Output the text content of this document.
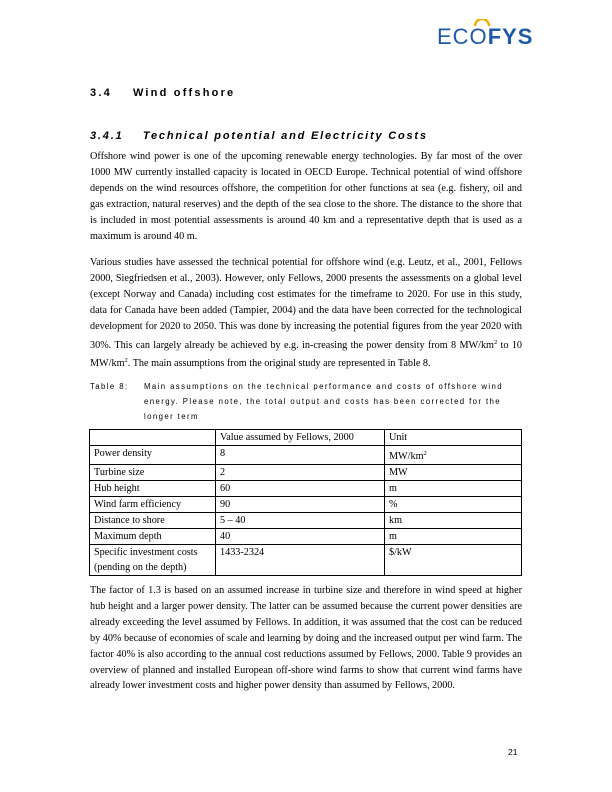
ECOFYS
3.4 Wind offshore
3.4.1 Technical potential and Electricity Costs

Offshore wind power is one of the upcoming renewable energy technologies. By far most of the over 1000 MW currently installed capacity is located in OECD Europe. Technical potential of wind offshore depends on the wind resources offshore, the competition for other functions at sea (e.g. fishery, oil and gas extraction, natural reserves) and the depth of the sea close to the shore. The distance to the shore that is included in most potential assessments is around 40 km and a representative depth that is used as a maximum is around 40 m.

Various studies have assessed the technical potential for offshore wind (e.g. Leutz, et al., 2001, Fellows 2000, Siegfriedsen et al., 2003). However, only Fellows, 2000 presents the assessments on a global level (except Norway and Canada) including cost estimates for the timeframe to 2020. For use in this study, data for Canada have been added (Tampier, 2004) and the data have been corrected for the technological development for 2020 to 2050. This was done by increasing the potential figures from the year 2020 with 30%. This can largely already be achieved by e.g. in-creasing the power density from 8 $MW/km^2$ to 10 $MW/km^2$. The main assumptions from the original study are represented in Table 8.

Table 8: Main assumptions on the technical performance and costs of offshore wind energy. Please note, the total output and costs has been corrected for the longer term
	Value assumed by Fellows, 2000	Unit
Power density	8	$MW/km^2$
Turbine size	2	MW
Hub height	60	m
Wind farm efficiency	90	%
Distance to shore	5 – 40	km
Maximum depth	40	m

Specific investment costs
(pending on the depth)	1433-2324	$/kW

The factor of 1.3 is based on an assumed increase in turbine size and therefore in wind speed at higher hub height and a larger power density. The latter can be assumed because the current power densities are already exceeding the level assumed by Fellows. In addition, it was assumed that the cost can be reduced by 40% because of economies of scale and learning by doing and the increased output per wind farm. The factor 40% is also according to the annual cost reductions assumed by Fellows, 2000. Table 9 provides an overview of planned and installed European off-shore wind farms to show that current wind farms have already lower investment costs and higher power density than assumed by Fellows, 2000.

21
